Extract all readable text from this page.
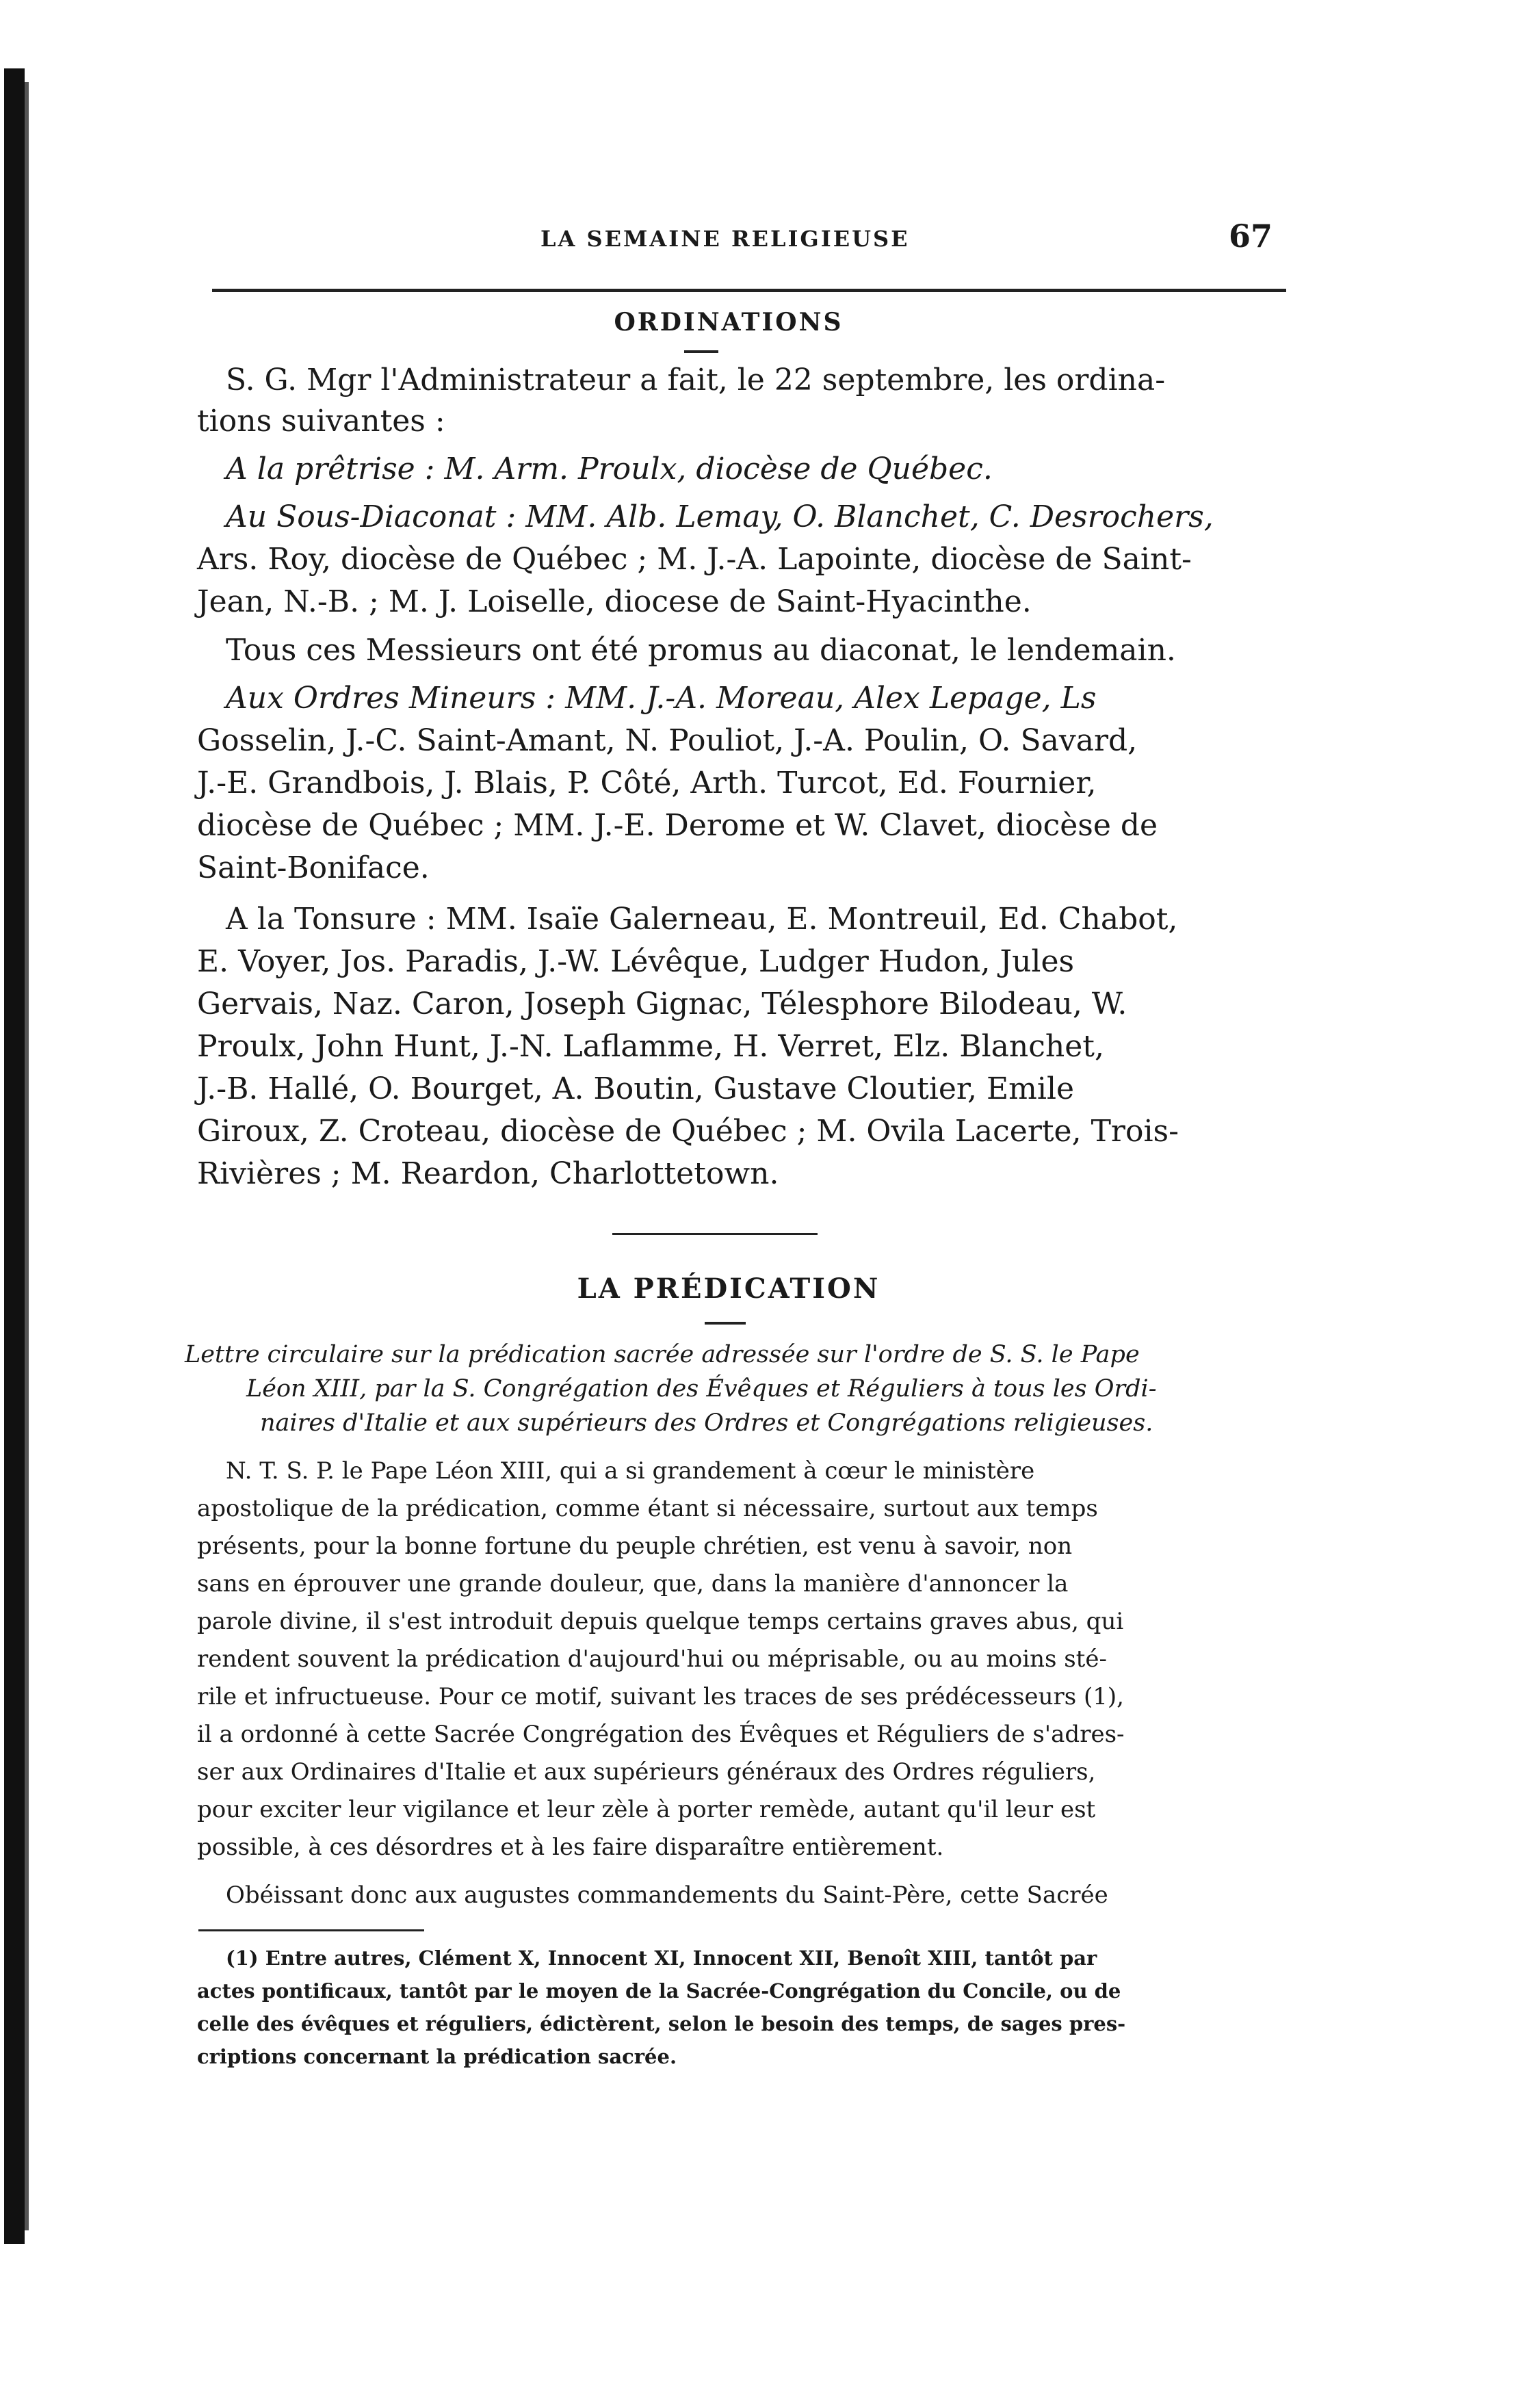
LA SEMAINE RELIGIEUSE	67
ORDINATIONS
S. G. Mgr l'Administrateur a fait, le 22 septembre, les ordina-
tions suivantes :
A la prêtrise : M. Arm. Proulx, diocèse de Québec.
Au Sous-Diaconat : MM. Alb. Lemay, O. Blanchet, C. Desrochers,
Ars. Roy, diocèse de Québec ; M. J.-A. Lapointe, diocèse de Saint-
Jean, N.-B. ; M. J. Loiselle, diocese de Saint-Hyacinthe.
Tous ces Messieurs ont été promus au diaconat, le lendemain.
Aux Ordres Mineurs : MM. J.-A. Moreau, Alex Lepage, Ls
Gosselin, J.-C. Saint-Amant, N. Pouliot, J.-A. Poulin, O. Savard,
J.-E. Grandbois, J. Blais, P. Côté, Arth. Turcot, Ed. Fournier,
diocèse de Québec ; MM. J.-E. Derome et W. Clavet, diocèse de
Saint-Boniface.
A la Tonsure : MM. Isaïe Galerneau, E. Montreuil, Ed. Chabot,
E. Voyer, Jos. Paradis, J.-W. Lévêque, Ludger Hudon, Jules
Gervais, Naz. Caron, Joseph Gignac, Télesphore Bilodeau, W.
Proulx, John Hunt, J.-N. Laflamme, H. Verret, Elz. Blanchet,
J.-B. Hallé, O. Bourget, A. Boutin, Gustave Cloutier, Emile
Giroux, Z. Croteau, diocèse de Québec ; M. Ovila Lacerte, Trois-
Rivières ; M. Reardon, Charlottetown.
LA PRÉDICATION
Lettre circulaire sur la prédication sacrée adressée sur l'ordre de S. S. le Pape
Léon XIII, par la S. Congrégation des Évêques et Réguliers à tous les Ordi-
naires d'Italie et aux supérieurs des Ordres et Congrégations religieuses.
N. T. S. P. le Pape Léon XIII, qui a si grandement à cœur le ministère
apostolique de la prédication, comme étant si nécessaire, surtout aux temps
présents, pour la bonne fortune du peuple chrétien, est venu à savoir, non
sans en éprouver une grande douleur, que, dans la manière d'annoncer la
parole divine, il s'est introduit depuis quelque temps certains graves abus, qui
rendent souvent la prédication d'aujourd'hui ou méprisable, ou au moins sté-
rile et infructueuse. Pour ce motif, suivant les traces de ses prédécesseurs (1),
il a ordonné à cette Sacrée Congrégation des Évêques et Réguliers de s'adres-
ser aux Ordinaires d'Italie et aux supérieurs généraux des Ordres réguliers,
pour exciter leur vigilance et leur zèle à porter remède, autant qu'il leur est
possible, à ces désordres et à les faire disparaître entièrement.
Obéissant donc aux augustes commandements du Saint-Père, cette Sacrée
(1) Entre autres, Clément X, Innocent XI, Innocent XII, Benoît XIII, tantôt par
actes pontificaux, tantôt par le moyen de la Sacrée-Congrégation du Concile, ou de
celle des évêques et réguliers, édictèrent, selon le besoin des temps, de sages pres-
criptions concernant la prédication sacrée.
